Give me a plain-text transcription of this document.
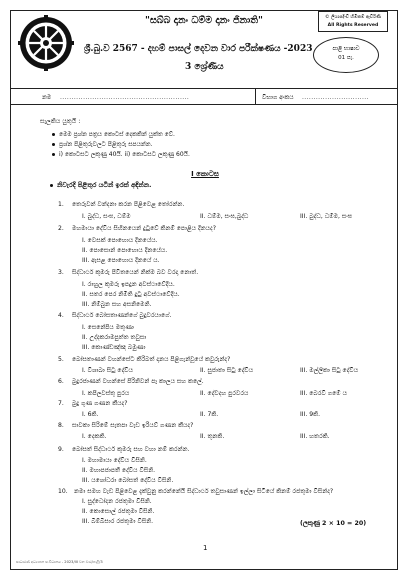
"සබ්බ දානං ධම්ම දානං ජිනාති"
ශ්‍රී.බු.ව 2567 - දහම් පාසල් දෙවන වාර පරීක්ෂණය -2023
3 ශ්‍රේණිය
© ලියාපදිංචි හිමිකම් ඇවිරිණි
All Rights Reserved
පාළි භාෂාව
01 පැ.
නම ........................................................	විභාග අංකය .............................
සැලකිය යුතුයි :
මෙම ප්‍රශ්න පත්‍රය කොටස් දෙකකින් යුක්ත වේ.
ප්‍රශ්න පිළිතුරුවලට පිළිතුරු සපයන්න.
i) කොටසට ලකුණු 40යි. ii) කොටසට ලකුණු 60යි.
I කොටස
නිවැරදි පිළිතුර යටින් ඉරක් අඳින්න.
1. තෙරුවන් වන්දනා කරන පිළිවෙළ තෝරන්න.
I. බුද්ධ, සංඝ, ධම්ම	II. ධම්ම, සංඝ,බුද්ධ	III. බුද්ධ, ධම්ම, සංඝ
2. මහමායා දේවිය සිහිනයෙන් දුටුවේ කිනම් පොළිය දිනයද?
I. වෙසක් පොහොය දිනයේය.
II. පොසොන් පොහොය දිනයේය.
III. ඇසළ පොහොය දිනයේ ය.
3. සිද්ධාර්ථ කුමරු පිවිතයෙන් නික්ම බව වරදා නොත්.
I. රාහුල කුමරු ඉපදුන අවස්ථාවේදිය.
II. සතර පෙර නිමිති දුටු අවස්ථාවේදිය.
III. නිම්බුන සහ අසනිමෙනි.
4. සිද්ධාර්ථ බෝසතාණන්ගේ බුදුවරයාගේ.
I. සෙනේපිය මතුණා
II. උද්දකරාමපුත්ත තවුසා
III. කොණ්ඩඤ්ඤ බමුණා
5. බෝසතාණන් වහන්සේට කිරිබත් දානය පිළිගැන්වූයේ කවුරුන්ද?
I. විශාඛා සිටු දේවිය	II. සුජාතා සිටු දේවිය	III. මල්ලිකා සිටු දේවිය
6. බුදුරජාණන් වහන්සේ පිරිනිවන් පෑ කාලය සහ කලේ.
I. කපිලවස්තු පුරය	II. දේවදහ පුරවරය	III. බෙරවි ගමේ ය
7. බුදු ගුණ ගණන කීයද?
I. 6කි.	II. 7කි.	III. 9කි.
8. සාවකා සිරිමේ සැතපා වැඩ ඉරියව් ගණන කීයද?
I. දෙකකි.	II. තුනකි.	III. හතරකි.
9. බෝසත් සිද්ධාර්ථ කුමරු සහ වහා නම් කරන්න.
I. මහාමායා දේවිය විසිනි.
II. මහාපජාපතී දේවිය විසිනි.
III. යශෝධරා බෝසත් දේවිය විසිනි.
10. නමා සමහ වැඩ පිළිවෙළ දැක්වුනු කරන්නේයි සිද්ධාර්ථ තවුසාණන් ඉල්ලා සිටියේ කිනම් රජතුමා විසින්ද?
I. සුද්ධෝදන රජතුමා විසිනි.
II. කොසොල් රජතුමා විසිනි.
III. බිම්බිසාර රජතුමා විසිනි.	(ලකුණු 2 × 10 = 20)
1
සාධාරණ අධ්‍යාපන සංවිධානය - 2023/III වන වාර/පාළි/3
